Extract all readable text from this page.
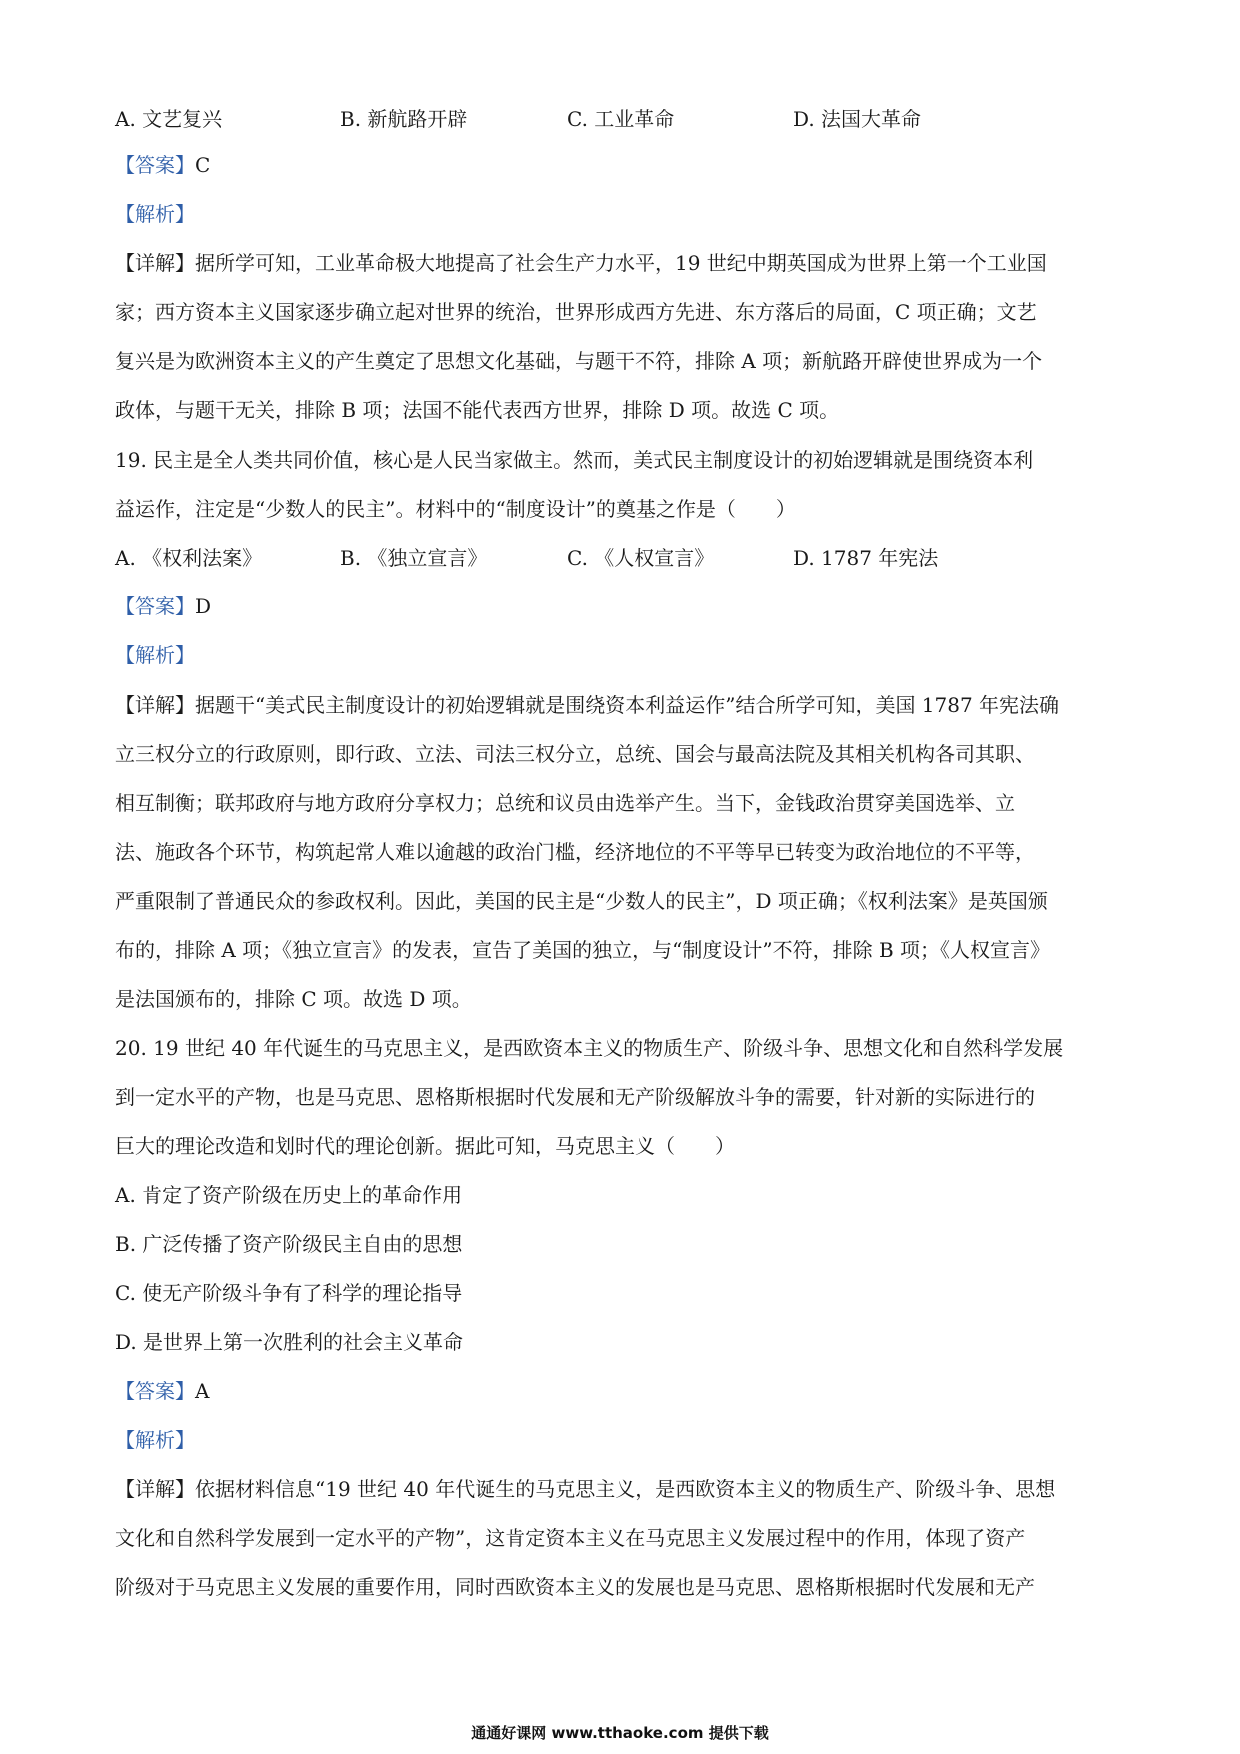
A. 文艺复兴	B. 新航路开辟	C. 工业革命	D. 法国大革命
【答案】C
【解析】
【详解】据所学可知，工业革命极大地提高了社会生产力水平，19 世纪中期英国成为世界上第一个工业国
家；西方资本主义国家逐步确立起对世界的统治，世界形成西方先进、东方落后的局面，C 项正确；文艺
复兴是为欧洲资本主义的产生奠定了思想文化基础，与题干不符，排除 A 项；新航路开辟使世界成为一个
政体，与题干无关，排除 B 项；法国不能代表西方世界，排除 D 项。故选 C 项。
19. 民主是全人类共同价值，核心是人民当家做主。然而，美式民主制度设计的初始逻辑就是围绕资本利
益运作，注定是“少数人的民主”。材料中的“制度设计”的奠基之作是（　　）
A. 《权利法案》	B. 《独立宣言》	C. 《人权宣言》	D. 1787 年宪法
【答案】D
【解析】
【详解】据题干“美式民主制度设计的初始逻辑就是围绕资本利益运作”结合所学可知，美国 1787 年宪法确
立三权分立的行政原则，即行政、立法、司法三权分立，总统、国会与最高法院及其相关机构各司其职、
相互制衡；联邦政府与地方政府分享权力；总统和议员由选举产生。当下，金钱政治贯穿美国选举、立
法、施政各个环节，构筑起常人难以逾越的政治门槛，经济地位的不平等早已转变为政治地位的不平等，
严重限制了普通民众的参政权利。因此，美国的民主是“少数人的民主”，D 项正确；《权利法案》是英国颁
布的，排除 A 项；《独立宣言》的发表，宣告了美国的独立，与“制度设计”不符，排除 B 项；《人权宣言》
是法国颁布的，排除 C 项。故选 D 项。
20. 19 世纪 40 年代诞生的马克思主义，是西欧资本主义的物质生产、阶级斗争、思想文化和自然科学发展
到一定水平的产物，也是马克思、恩格斯根据时代发展和无产阶级解放斗争的需要，针对新的实际进行的
巨大的理论改造和划时代的理论创新。据此可知，马克思主义（　　）
A. 肯定了资产阶级在历史上的革命作用
B. 广泛传播了资产阶级民主自由的思想
C. 使无产阶级斗争有了科学的理论指导
D. 是世界上第一次胜利的社会主义革命
【答案】A
【解析】
【详解】依据材料信息“19 世纪 40 年代诞生的马克思主义，是西欧资本主义的物质生产、阶级斗争、思想
文化和自然科学发展到一定水平的产物”，这肯定资本主义在马克思主义发展过程中的作用，体现了资产
阶级对于马克思主义发展的重要作用，同时西欧资本主义的发展也是马克思、恩格斯根据时代发展和无产
通通好课网 www.tthaoke.com 提供下载
